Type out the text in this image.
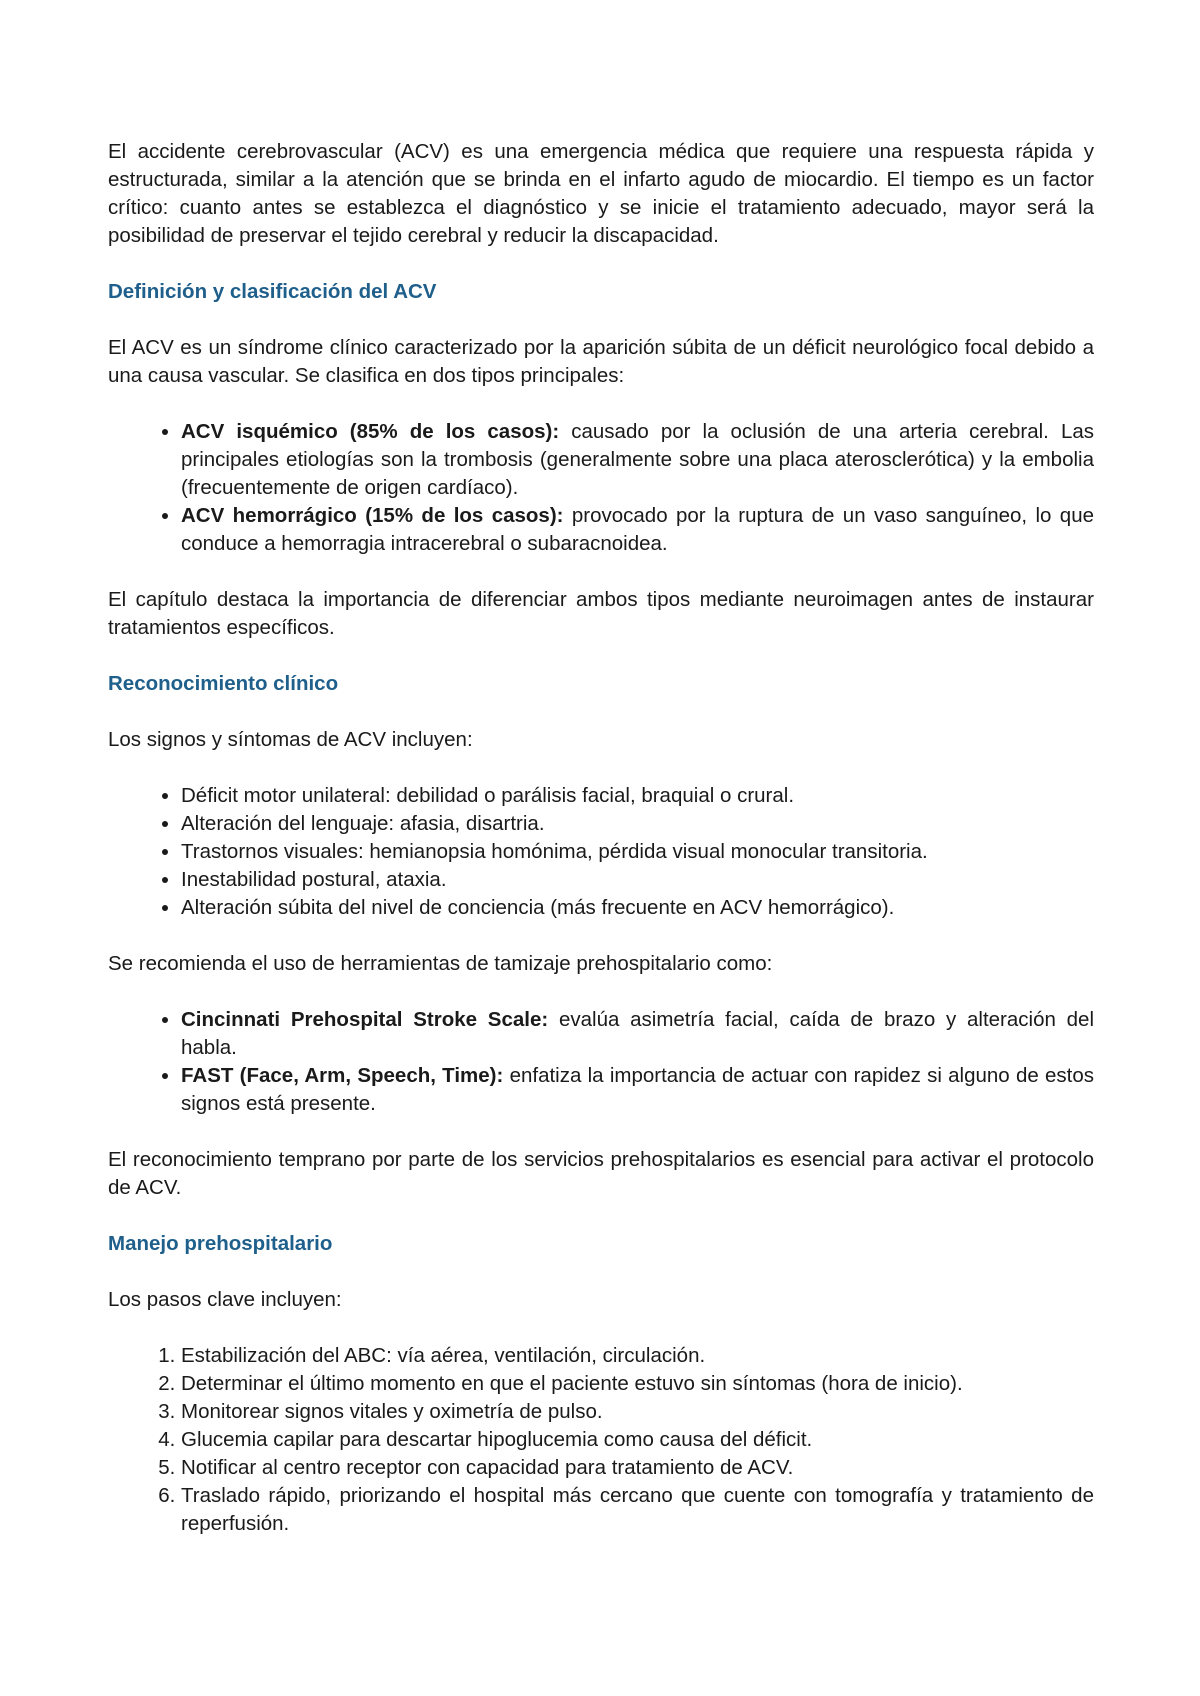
El accidente cerebrovascular (ACV) es una emergencia médica que requiere una respuesta rápida y estructurada, similar a la atención que se brinda en el infarto agudo de miocardio. El tiempo es un factor crítico: cuanto antes se establezca el diagnóstico y se inicie el tratamiento adecuado, mayor será la posibilidad de preservar el tejido cerebral y reducir la discapacidad.

Definición y clasificación del ACV

El ACV es un síndrome clínico caracterizado por la aparición súbita de un déficit neurológico focal debido a una causa vascular. Se clasifica en dos tipos principales:

• ACV isquémico (85% de los casos): causado por la oclusión de una arteria cerebral. Las principales etiologías son la trombosis (generalmente sobre una placa aterosclerótica) y la embolia (frecuentemente de origen cardíaco).
• ACV hemorrágico (15% de los casos): provocado por la ruptura de un vaso sanguíneo, lo que conduce a hemorragia intracerebral o subaracnoidea.

El capítulo destaca la importancia de diferenciar ambos tipos mediante neuroimagen antes de instaurar tratamientos específicos.

Reconocimiento clínico

Los signos y síntomas de ACV incluyen:

• Déficit motor unilateral: debilidad o parálisis facial, braquial o crural.
• Alteración del lenguaje: afasia, disartria.
• Trastornos visuales: hemianopsia homónima, pérdida visual monocular transitoria.
• Inestabilidad postural, ataxia.
• Alteración súbita del nivel de conciencia (más frecuente en ACV hemorrágico).

Se recomienda el uso de herramientas de tamizaje prehospitalario como:

• Cincinnati Prehospital Stroke Scale: evalúa asimetría facial, caída de brazo y alteración del habla.
• FAST (Face, Arm, Speech, Time): enfatiza la importancia de actuar con rapidez si alguno de estos signos está presente.

El reconocimiento temprano por parte de los servicios prehospitalarios es esencial para activar el protocolo de ACV.

Manejo prehospitalario

Los pasos clave incluyen:

1. Estabilización del ABC: vía aérea, ventilación, circulación.
2. Determinar el último momento en que el paciente estuvo sin síntomas (hora de inicio).
3. Monitorear signos vitales y oximetría de pulso.
4. Glucemia capilar para descartar hipoglucemia como causa del déficit.
5. Notificar al centro receptor con capacidad para tratamiento de ACV.
6. Traslado rápido, priorizando el hospital más cercano que cuente con tomografía y tratamiento de reperfusión.
